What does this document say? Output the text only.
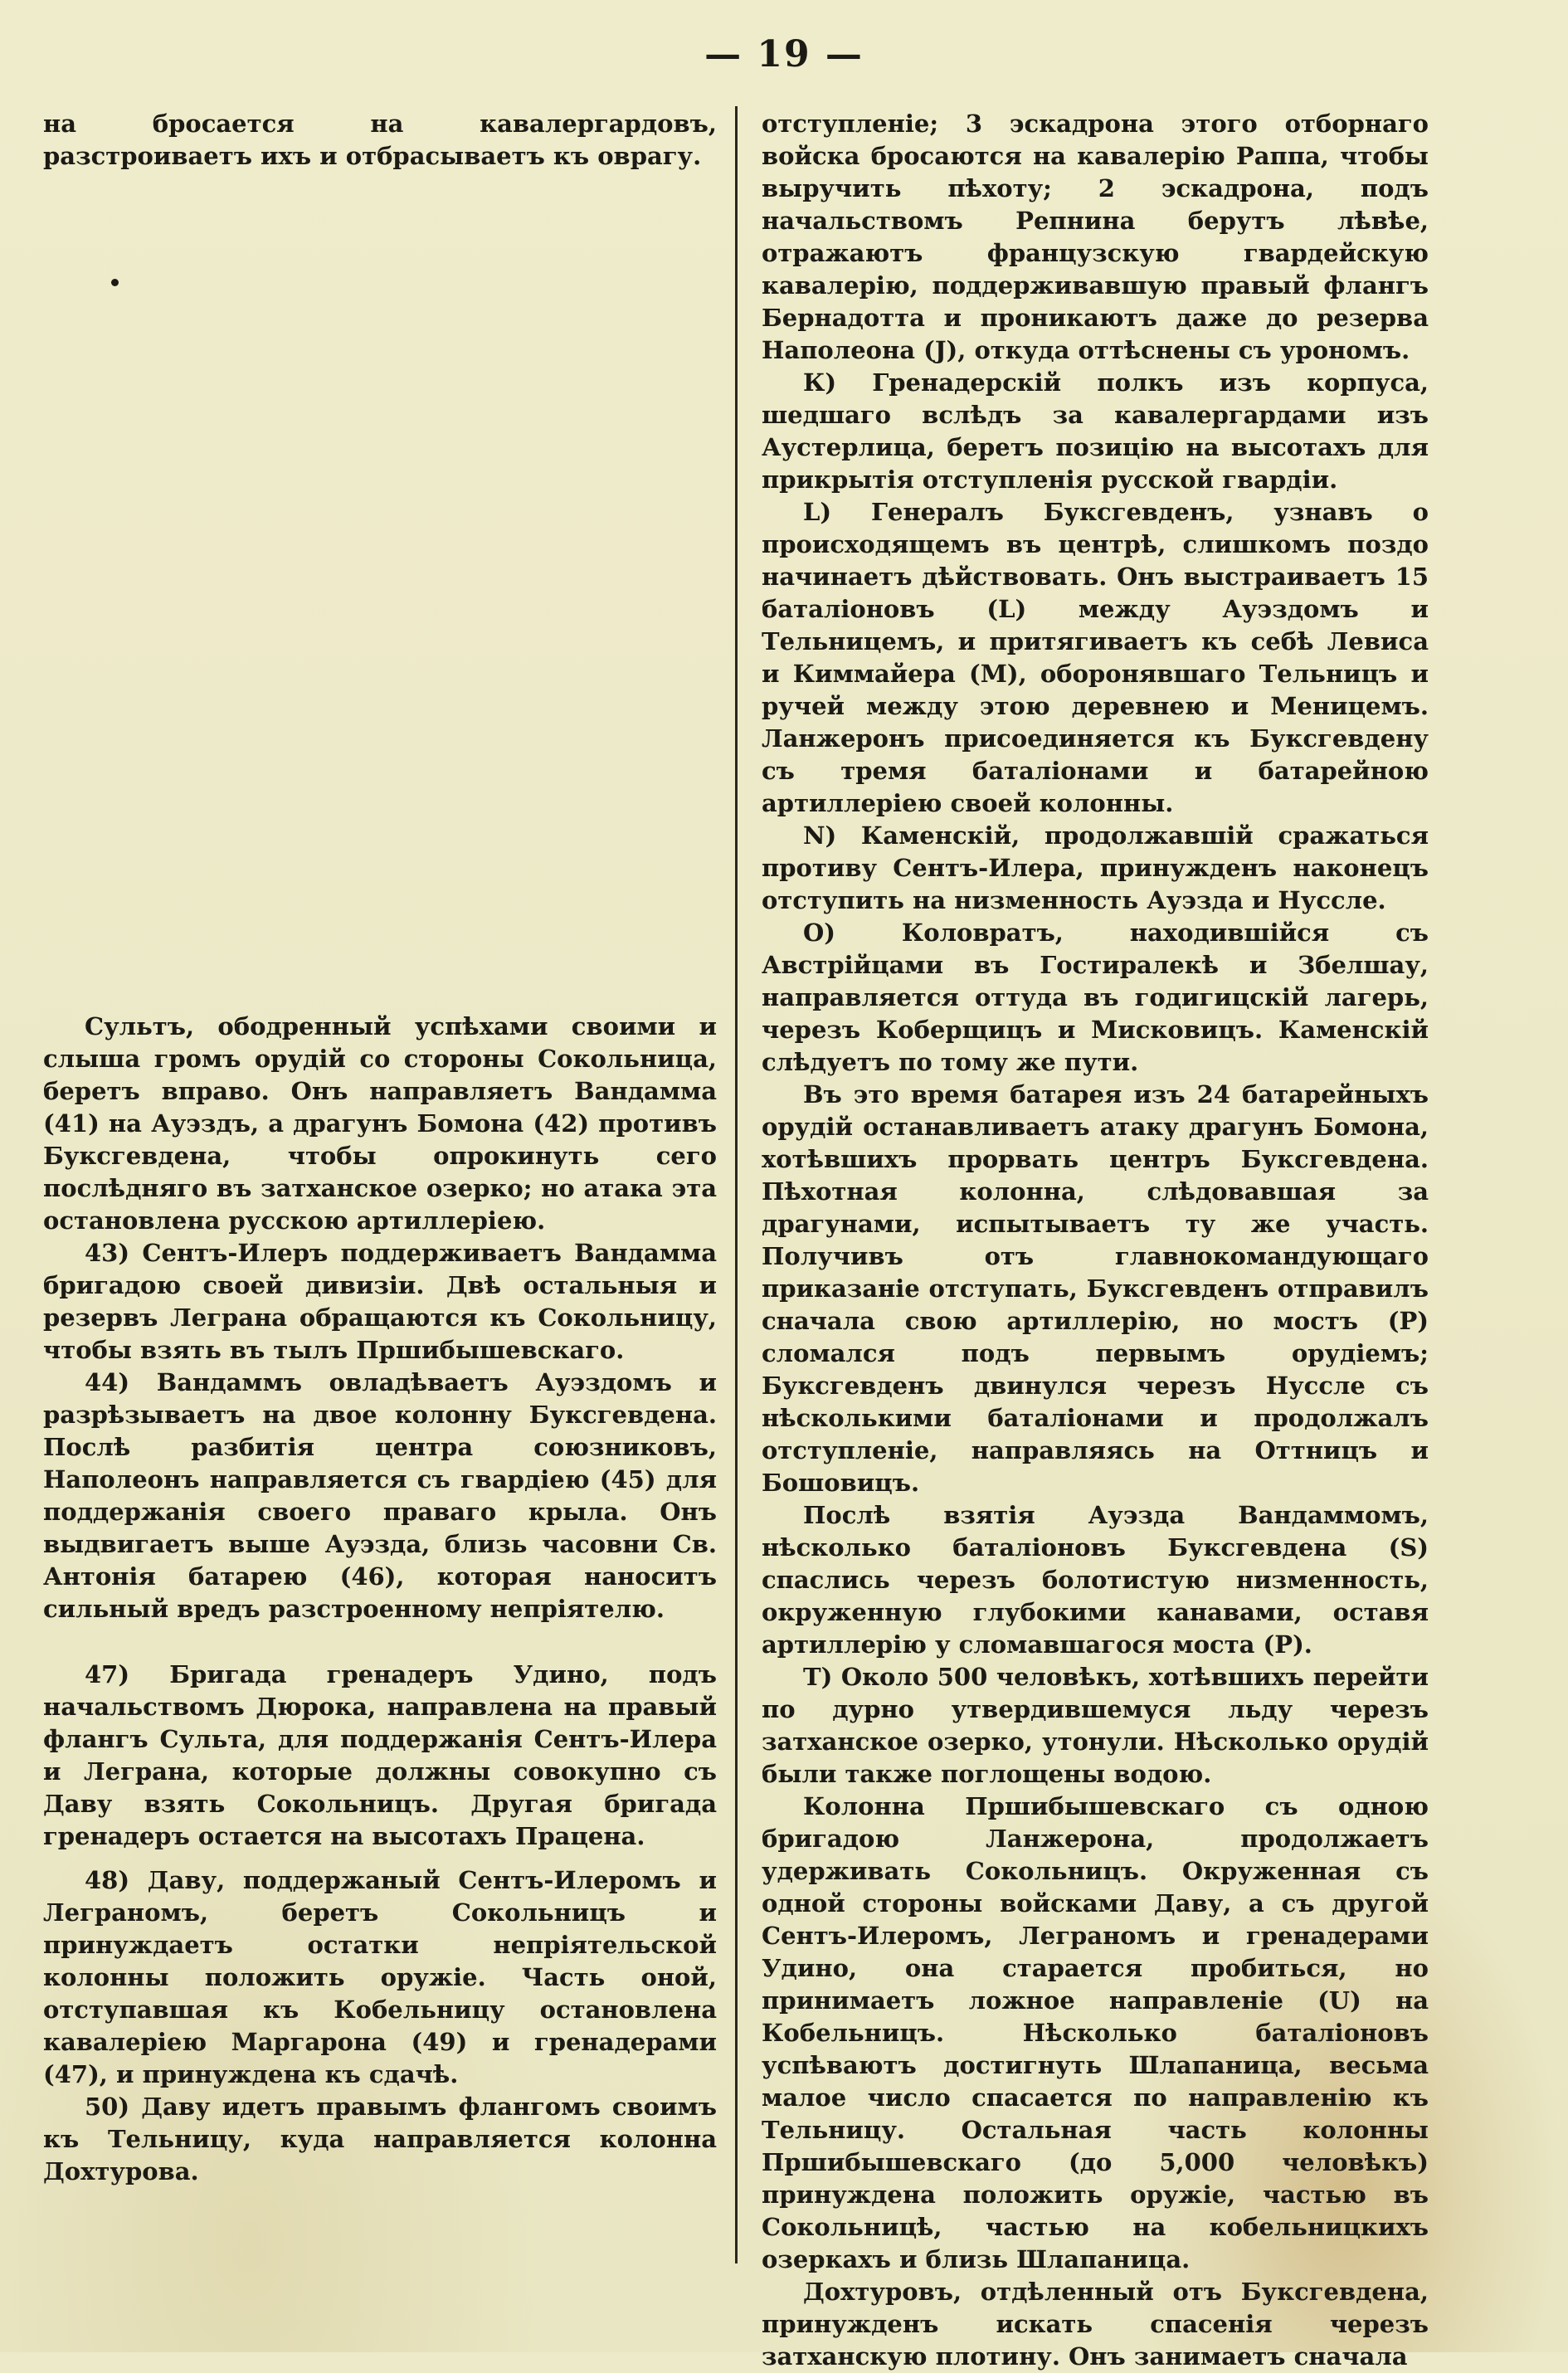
— 19 —

на бросается на кавалергардовъ, разстроиваетъ ихъ и отбрасываетъ къ оврагу.

Сультъ, ободренный успѣхами своими и слыша громъ орудій со стороны Сокольница, беретъ вправо. Онъ направляетъ Вандамма (41) на Ауэздъ, а драгунъ Бомона (42) противъ Буксгевдена, чтобы опрокинуть сего послѣдняго въ затханское озерко; но атака эта остановлена русскою артиллеріею.

43) Сентъ-Илеръ поддерживаетъ Вандамма бригадою своей дивизіи. Двѣ остальныя и резервъ Леграна обращаются къ Сокольницу, чтобы взять въ тылъ Пршибышевскаго.

44) Вандаммъ овладѣваетъ Ауэздомъ и разрѣзываетъ на двое колонну Буксгевдена. Послѣ разбитія центра союзниковъ, Наполеонъ направляется съ гвардіею (45) для поддержанія своего праваго крыла. Онъ выдвигаетъ выше Ауэзда, близь часовни Св. Антонія батарею (46), которая наноситъ сильный вредъ разстроенному непріятелю.

47) Бригада гренадеръ Удино, подъ начальствомъ Дюрока, направлена на правый флангъ Сульта, для поддержанія Сентъ-Илера и Леграна, которые должны совокупно съ Даву взять Сокольницъ. Другая бригада гренадеръ остается на высотахъ Працена.

48) Даву, поддержаный Сентъ-Илеромъ и Леграномъ, беретъ Сокольницъ и принуждаетъ остатки непріятельской колонны положить оружіе. Часть оной, отступавшая къ Кобельницу остановлена кавалеріею Маргарона (49) и гренадерами (47), и принуждена къ сдачѣ.

50) Даву идетъ правымъ флангомъ своимъ къ Тельницу, куда направляется колонна Дохтурова.

отступленіе; 3 эскадрона этого отборнаго войска бросаются на кавалерію Раппа, чтобы выручить пѣхоту; 2 эскадрона, подъ начальствомъ Репнина берутъ лѣвѣе, отражаютъ французскую гвардейскую кавалерію, поддерживавшую правый флангъ Бернадотта и проникаютъ даже до резерва Наполеона (J), откуда оттѣснены съ урономъ.

К) Гренадерскій полкъ изъ корпуса, шедшаго вслѣдъ за кавалергардами изъ Аустерлица, беретъ позицію на высотахъ для прикрытія отступленія русской гвардіи.

L) Генералъ Буксгевденъ, узнавъ о происходящемъ въ центрѣ, слишкомъ поздо начинаетъ дѣйствовать. Онъ выстраиваетъ 15 баталіоновъ (L) между Ауэздомъ и Тельницемъ, и притягиваетъ къ себѣ Левиса и Киммайера (M), оборонявшаго Тельницъ и ручей между этою деревнею и Меницемъ. Ланжеронъ присоединяется къ Буксгевдену съ тремя баталіонами и батарейною артиллеріею своей колонны.

N) Каменскій, продолжавшій сражаться противу Сентъ-Илера, принужденъ наконецъ отступить на низменность Ауэзда и Нуссле.

O) Коловратъ, находившійся съ Австрійцами въ Гостиралекѣ и Збелшау, направляется оттуда въ годигицскій лагерь, черезъ Коберщицъ и Мисковицъ. Каменскій слѣдуетъ по тому же пути.

Въ это время батарея изъ 24 батарейныхъ орудій останавливаетъ атаку драгунъ Бомона, хотѣвшихъ прорвать центръ Буксгевдена. Пѣхотная колонна, слѣдовавшая за драгунами, испытываетъ ту же участь. Получивъ отъ главнокомандующаго приказаніе отступать, Буксгевденъ отправилъ сначала свою артиллерію, но мостъ (P) сломался подъ первымъ орудіемъ; Буксгевденъ двинулся черезъ Нуссле съ нѣсколькими баталіонами и продолжалъ отступленіе, направляясь на Оттницъ и Бошовицъ.

Послѣ взятія Ауэзда Вандаммомъ, нѣсколько баталіоновъ Буксгевдена (S) спаслись черезъ болотистую низменность, окруженную глубокими канавами, оставя артиллерію у сломавшагося моста (P).

T) Около 500 человѣкъ, хотѣвшихъ перейти по дурно утвердившемуся льду черезъ затханское озерко, утонули. Нѣсколько орудій были также поглощены водою.

Колонна Пршибышевскаго съ одною бригадою Ланжерона, продолжаетъ удерживать Сокольницъ. Окруженная съ одной стороны войсками Даву, а съ другой Сентъ-Илеромъ, Леграномъ и гренадерами Удино, она старается пробиться, но принимаетъ ложное направленіе (U) на Кобельницъ. Нѣсколько баталіоновъ успѣваютъ достигнуть Шлапаница, весьма малое число спасается по направленію къ Тельницу. Остальная часть колонны Пршибышевскаго (до 5,000 человѣкъ) принуждена положить оружіе, частью въ Сокольницѣ, частью на кобельницкихъ озеркахъ и близь Шлапаница.

Дохтуровъ, отдѣленный отъ Буксгевдена, принужденъ искать спасенія черезъ затханскую плотину. Онъ занимаетъ сначала
